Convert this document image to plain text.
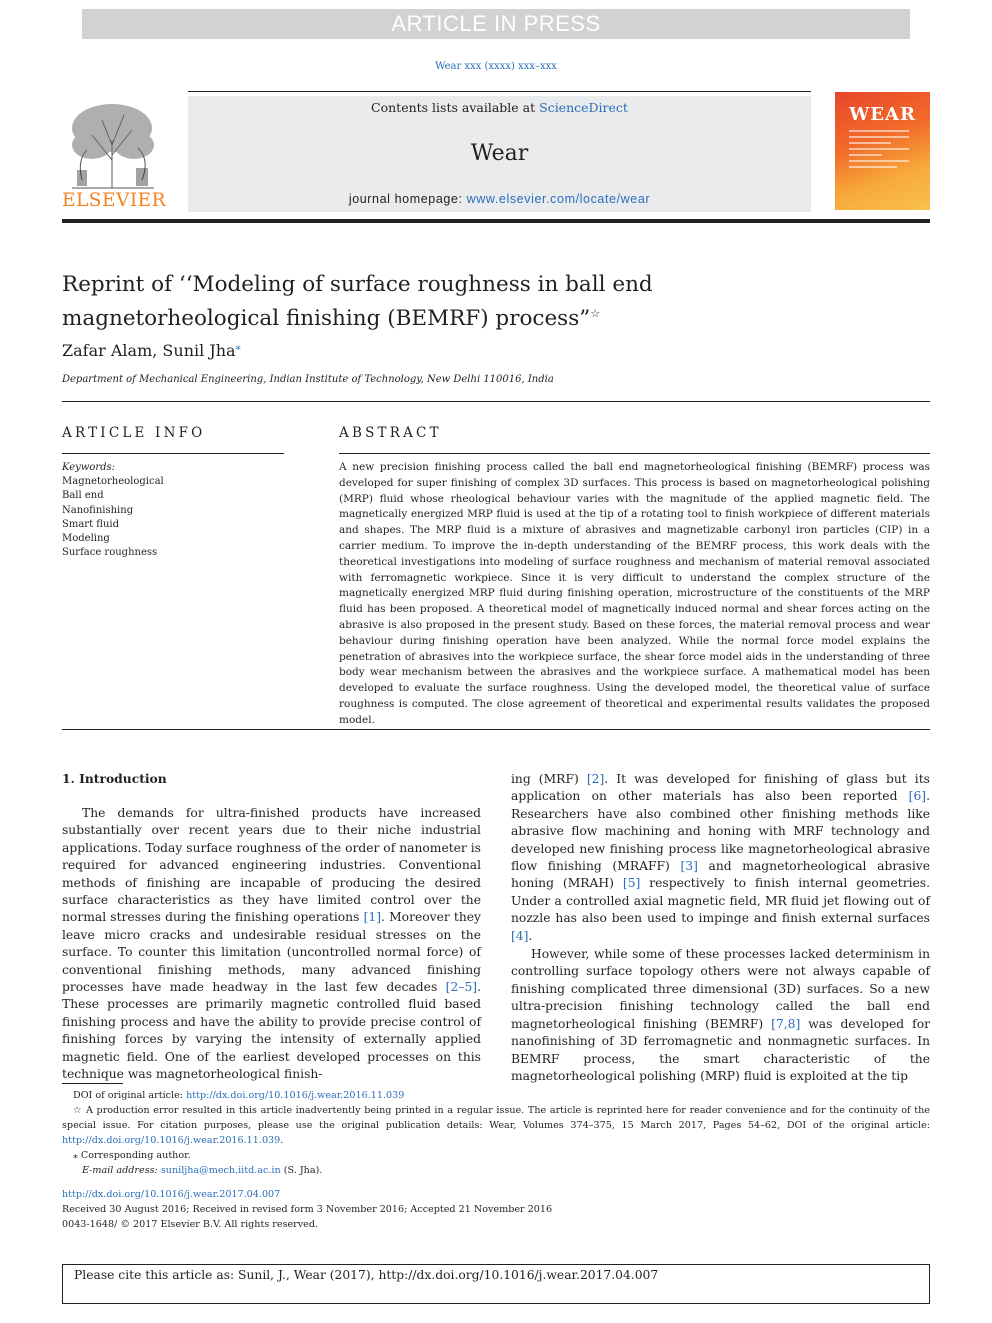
ARTICLE IN PRESS
Wear xxx (xxxx) xxx–xxx
ELSEVIER
Contents lists available at ScienceDirect
Wear
journal homepage: www.elsevier.com/locate/wear
WEAR
Reprint of ‘‘Modeling of surface roughness in ball end magnetorheological finishing (BEMRF) process”☆
Zafar Alam, Sunil Jha⁎
Department of Mechanical Engineering, Indian Institute of Technology, New Delhi 110016, India
ARTICLE INFO
Keywords:
Magnetorheological
Ball end
Nanofinishing
Smart fluid
Modeling
Surface roughness
ABSTRACT
A new precision finishing process called the ball end magnetorheological finishing (BEMRF) process was developed for super finishing of complex 3D surfaces. This process is based on magnetorheological polishing (MRP) fluid whose rheological behaviour varies with the magnitude of the applied magnetic field. The magnetically energized MRP fluid is used at the tip of a rotating tool to finish workpiece of different materials and shapes. The MRP fluid is a mixture of abrasives and magnetizable carbonyl iron particles (CIP) in a carrier medium. To improve the in-depth understanding of the BEMRF process, this work deals with the theoretical investigations into modeling of surface roughness and mechanism of material removal associated with ferromagnetic workpiece. Since it is very difficult to understand the complex structure of the magnetically energized MRP fluid during finishing operation, microstructure of the constituents of the MRP fluid has been proposed. A theoretical model of magnetically induced normal and shear forces acting on the abrasive is also proposed in the present study. Based on these forces, the material removal process and wear behaviour during finishing operation have been analyzed. While the normal force model explains the penetration of abrasives into the workpiece surface, the shear force model aids in the understanding of three body wear mechanism between the abrasives and the workpiece surface. A mathematical model has been developed to evaluate the surface roughness. Using the developed model, the theoretical value of surface roughness is computed. The close agreement of theoretical and experimental results validates the proposed model.
1. Introduction

The demands for ultra-finished products have increased substantially over recent years due to their niche industrial applications. Today surface roughness of the order of nanometer is required for advanced engineering industries. Conventional methods of finishing are incapable of producing the desired surface characteristics as they have limited control over the normal stresses during the finishing operations [1]. Moreover they leave micro cracks and undesirable residual stresses on the surface. To counter this limitation (uncontrolled normal force) of conventional finishing methods, many advanced finishing processes have made headway in the last few decades [2–5]. These processes are primarily magnetic controlled fluid based finishing process and have the ability to provide precise control of finishing forces by varying the intensity of externally applied magnetic field. One of the earliest developed processes on this technique was magnetorheological finish-

ing (MRF) [2]. It was developed for finishing of glass but its application on other materials has also been reported [6]. Researchers have also combined other finishing methods like abrasive flow machining and honing with MRF technology and developed new finishing process like magnetorheological abrasive flow finishing (MRAFF) [3] and magnetorheological abrasive honing (MRAH) [5] respectively to finish internal geometries. Under a controlled axial magnetic field, MR fluid jet flowing out of nozzle has also been used to impinge and finish external surfaces [4].

However, while some of these processes lacked determinism in controlling surface topology others were not always capable of finishing complicated three dimensional (3D) surfaces. So a new ultra-precision finishing technology called the ball end magnetorheological finishing (BEMRF) [7,8] was developed for nanofinishing of 3D ferromagnetic and nonmagnetic surfaces. In BEMRF process, the smart characteristic of the magnetorheological polishing (MRP) fluid is exploited at the tip

DOI of original article: http://dx.doi.org/10.1016/j.wear.2016.11.039

☆ A production error resulted in this article inadvertently being printed in a regular issue. The article is reprinted here for reader convenience and for the continuity of the special issue. For citation purposes, please use the original publication details: Wear, Volumes 374–375, 15 March 2017, Pages 54–62, DOI of the original article: http://dx.doi.org/10.1016/j.wear.2016.11.039.

⁎ Corresponding author.

E-mail address: suniljha@mech.iitd.ac.in (S. Jha).

http://dx.doi.org/10.1016/j.wear.2017.04.007
Received 30 August 2016; Received in revised form 3 November 2016; Accepted 21 November 2016
0043-1648/ © 2017 Elsevier B.V. All rights reserved.
Please cite this article as: Sunil, J., Wear (2017), http://dx.doi.org/10.1016/j.wear.2017.04.007
